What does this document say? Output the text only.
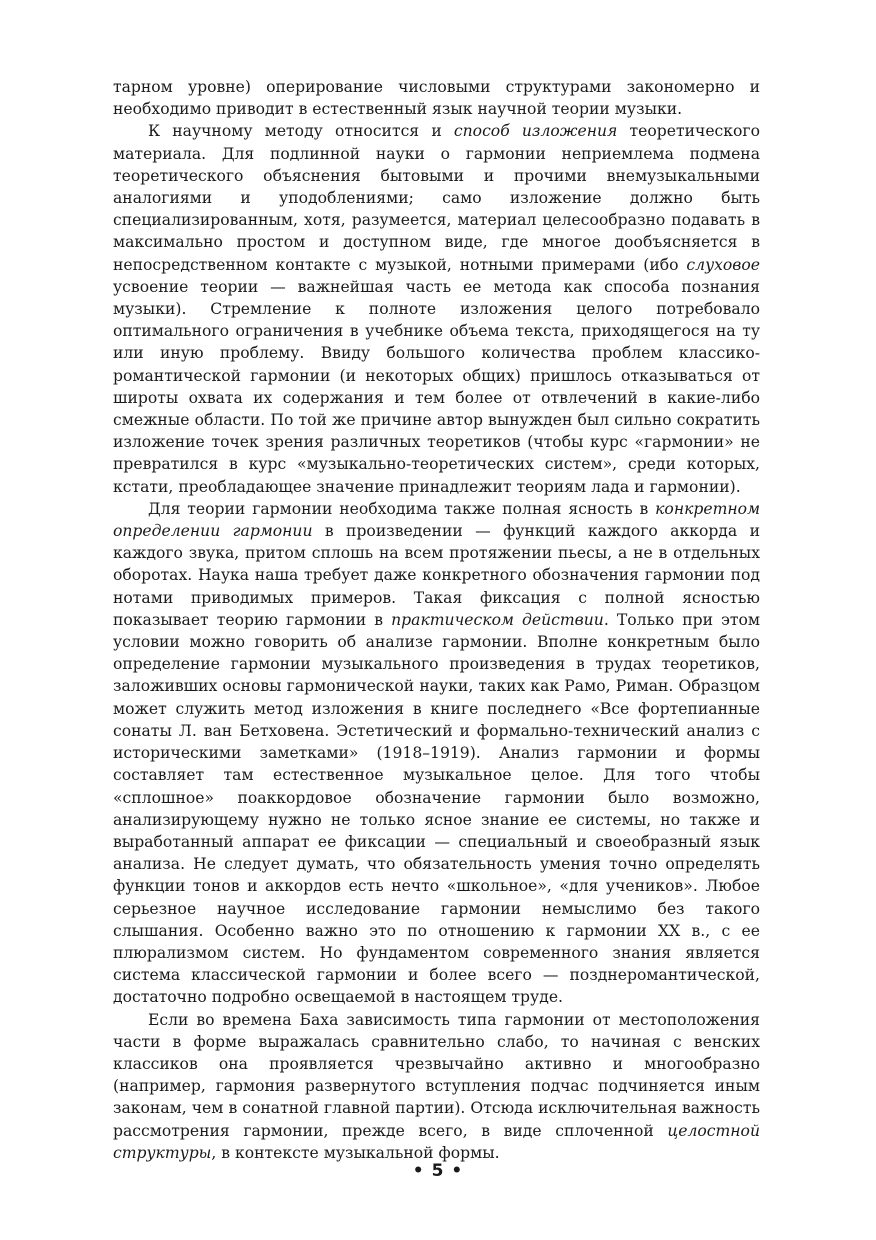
тарном уровне) оперирование числовыми структурами закономерно и необходимо приводит в естественный язык научной теории музыки.

К научному методу относится и способ изложения теоретического материала. Для подлинной науки о гармонии неприемлема подмена теоретического объяснения бытовыми и прочими внемузыкальными аналогиями и уподоблениями; само изложение должно быть специализированным, хотя, разумеется, материал целесообразно подавать в максимально простом и доступном виде, где многое дообъясняется в непосредственном контакте с музыкой, нотными примерами (ибо слуховое усвоение теории — важнейшая часть ее метода как способа познания музыки). Стремление к полноте изложения целого потребовало оптимального ограничения в учебнике объема текста, приходящегося на ту или иную проблему. Ввиду большого количества проблем классико-романтической гармонии (и некоторых общих) пришлось отказываться от широты охвата их содержания и тем более от отвлечений в какие-либо смежные области. По той же причине автор вынужден был сильно сократить изложение точек зрения различных теоретиков (чтобы курс «гармонии» не превратился в курс «музыкально-теоретических систем», среди которых, кстати, преобладающее значение принадлежит теориям лада и гармонии).

Для теории гармонии необходима также полная ясность в конкретном определении гармонии в произведении — функций каждого аккорда и каждого звука, притом сплошь на всем протяжении пьесы, а не в отдельных оборотах. Наука наша требует даже конкретного обозначения гармонии под нотами приводимых примеров. Такая фиксация с полной ясностью показывает теорию гармонии в практическом действии. Только при этом условии можно говорить об анализе гармонии. Вполне конкретным было определение гармонии музыкального произведения в трудах теоретиков, заложивших основы гармонической науки, таких как Рамо, Риман. Образцом может служить метод изложения в книге последнего «Все фортепианные сонаты Л. ван Бетховена. Эстетический и формально-технический анализ с историческими заметками» (1918–1919). Анализ гармонии и формы составляет там естественное музыкальное целое. Для того чтобы «сплошное» поаккордовое обозначение гармонии было возможно, анализирующему нужно не только ясное знание ее системы, но также и выработанный аппарат ее фиксации — специальный и своеобразный язык анализа. Не следует думать, что обязательность умения точно определять функции тонов и аккордов есть нечто «школьное», «для учеников». Любое серьезное научное исследование гармонии немыслимо без такого слышания. Особенно важно это по отношению к гармонии XX в., с ее плюрализмом систем. Но фундаментом современного знания является система классической гармонии и более всего — позднеромантической, достаточно подробно освещаемой в настоящем труде.

Если во времена Баха зависимость типа гармонии от местоположения части в форме выражалась сравнительно слабо, то начиная с венских классиков она проявляется чрезвычайно активно и многообразно (например, гармония развернутого вступления подчас подчиняется иным законам, чем в сонатной главной партии). Отсюда исключительная важность рассмотрения гармонии, прежде всего, в виде сплоченной целостной структуры, в контексте музыкальной формы.

• 5 •
